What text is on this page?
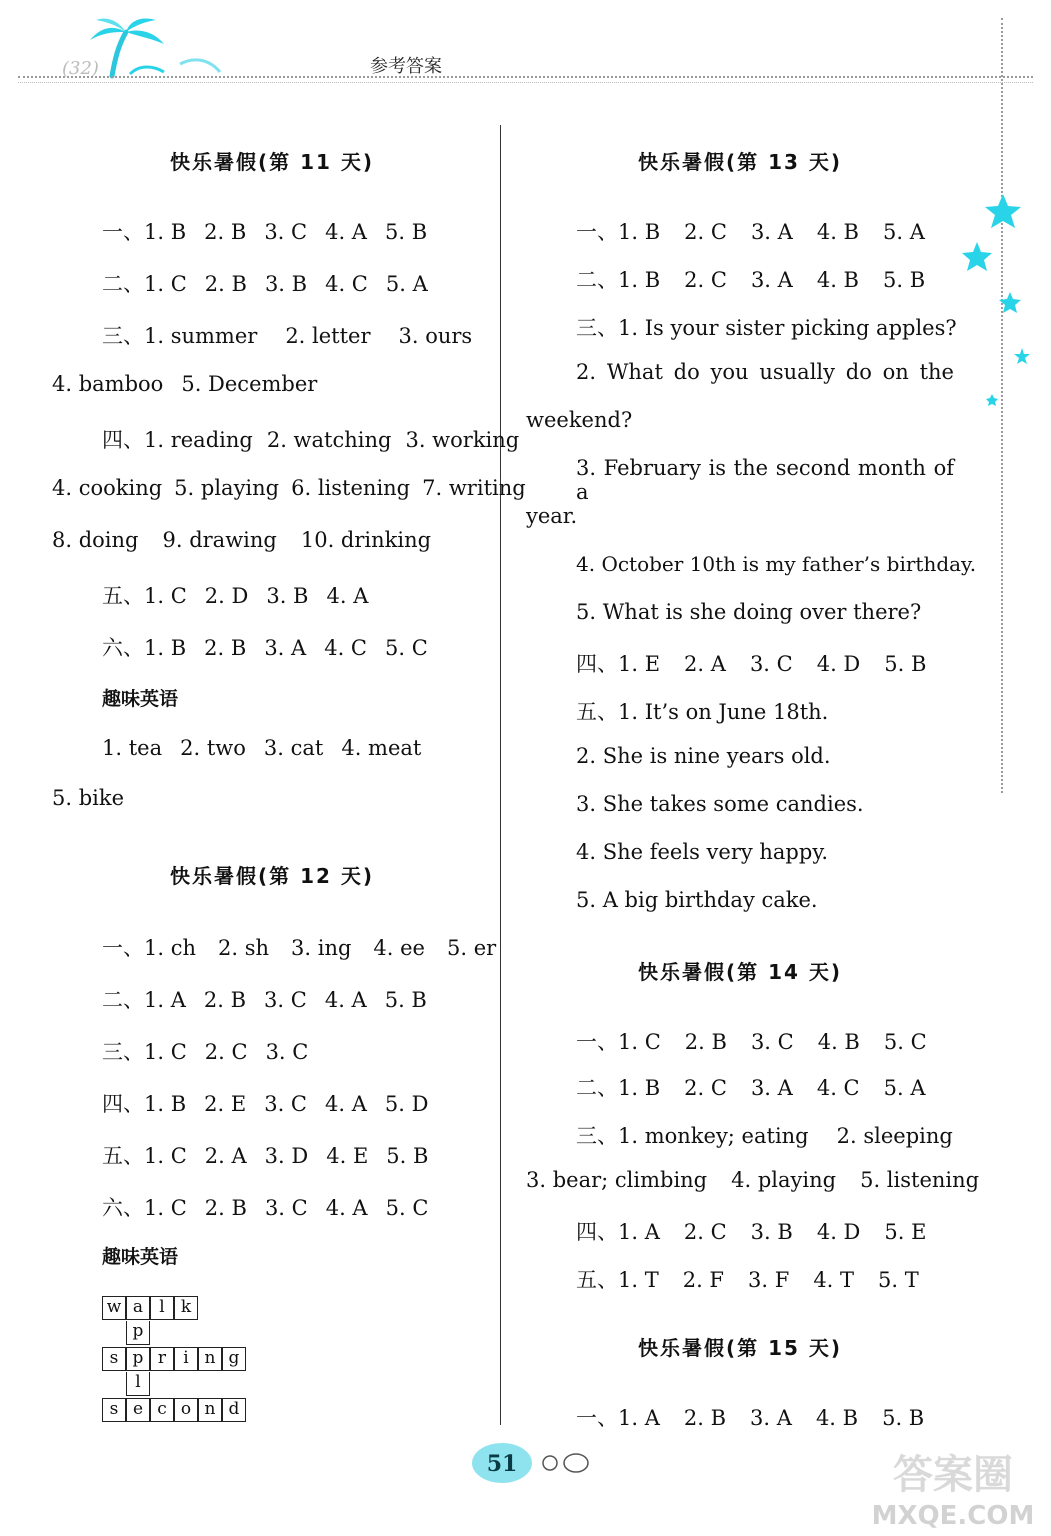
(32)	参考答案

快乐暑假(第 11 天)

一、1. B 2. B 3. C 4. A 5. B

二、1. C 2. B 3. B 4. C 5. A

三、1. summer 2. letter 3. ours

4. bamboo 5. December

四、1. reading 2. watching 3. working

4. cooking 5. playing 6. listening 7. writing

8. doing 9. drawing 10. drinking

五、1. C 2. D 3. B 4. A

六、1. B 2. B 3. A 4. C 5. C

趣味英语

1. tea 2. two 3. cat 4. meat

5. bike

快乐暑假(第 12 天)

一、1. ch 2. sh 3. ing 4. ee 5. er

二、1. A 2. B 3. C 4. A 5. B

三、1. C 2. C 3. C

四、1. B 2. E 3. C 4. A 5. D

五、1. C 2. A 3. D 4. E 5. B

六、1. C 2. B 3. C 4. A 5. C

趣味英语

w a l k
p
s p r	i n g
l
s e c o n d

快乐暑假(第 13 天)

一、1. B 2. C 3. A 4. B 5. A

二、1. B 2. C 3. A 4. B 5. B

三、1. Is your sister picking apples?

2. What do you usually do on the

weekend?

3. February is the second month of a

year.

4. October 10th is my father’s birthday.

5. What is she doing over there?

四、1. E 2. A 3. C 4. D 5. B

五、1. It’s on June 18th.

2. She is nine years old.

3. She takes some candies.

4. She feels very happy.

5. A big birthday cake.

快乐暑假(第 14 天)

一、1. C 2. B 3. C 4. B 5. C

二、1. B 2. C 3. A 4. C 5. A

三、1. monkey; eating 2. sleeping

3. bear; climbing 4. playing 5. listening

四、1. A 2. C 3. B 4. D 5. E

五、1. T 2. F 3. F 4. T 5. T

快乐暑假(第 15 天)

一、1. A 2. B 3. A 4. B 5. B

51	答案圈
MXQE.COM
